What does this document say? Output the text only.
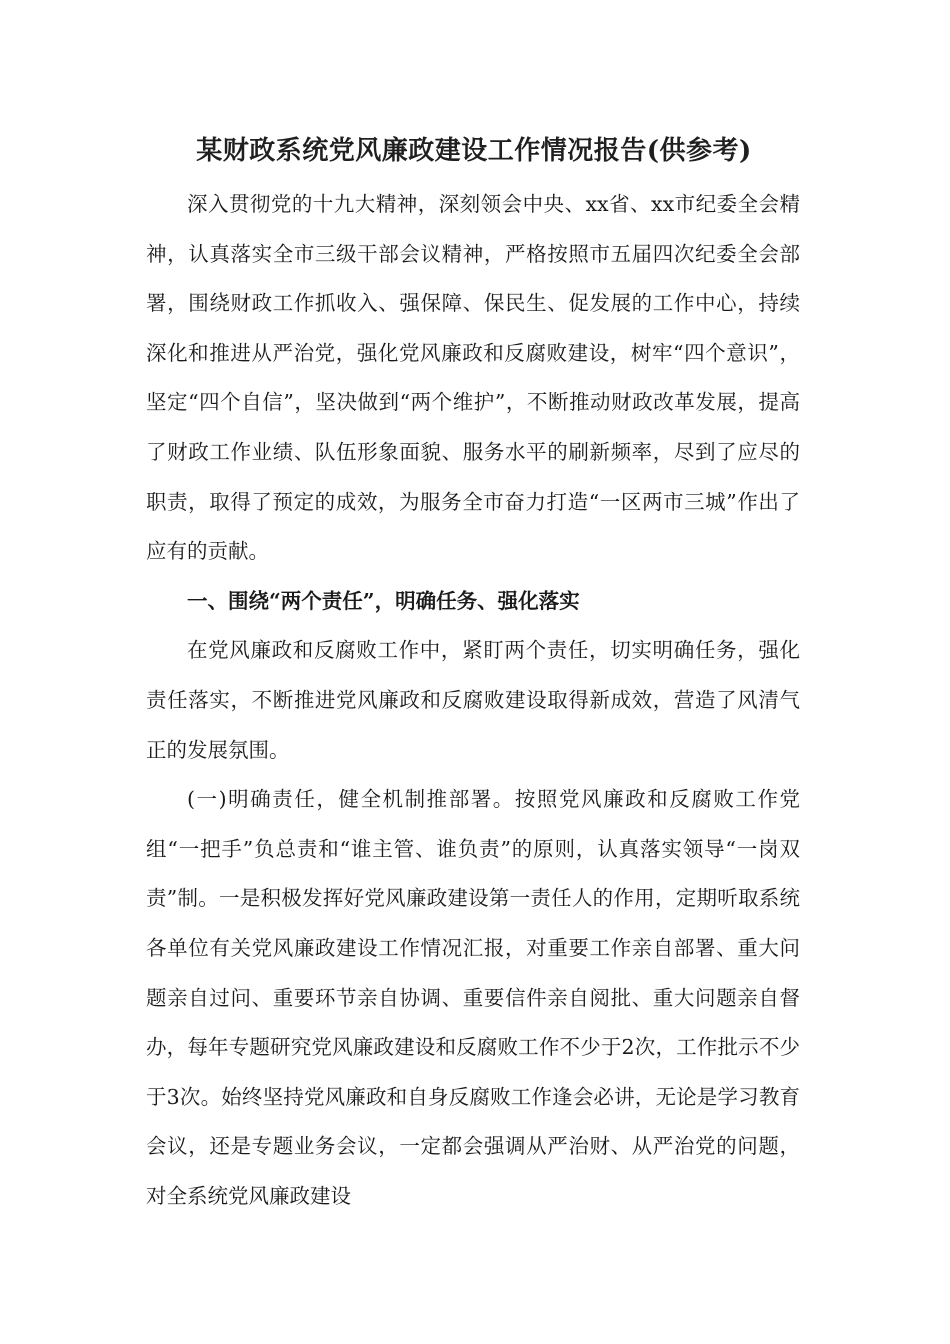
某财政系统党风廉政建设工作情况报告(供参考)

深入贯彻党的十九大精神，深刻领会中央、xx省、xx市纪委全会精神，认真落实全市三级干部会议精神，严格按照市五届四次纪委全会部署，围绕财政工作抓收入、强保障、保民生、促发展的工作中心，持续深化和推进从严治党，强化党风廉政和反腐败建设，树牢“四个意识”，坚定“四个自信”，坚决做到“两个维护”，不断推动财政改革发展，提高了财政工作业绩、队伍形象面貌、服务水平的刷新频率，尽到了应尽的职责，取得了预定的成效，为服务全市奋力打造“一区两市三城”作出了应有的贡献。

一、围绕“两个责任”，明确任务、强化落实

在党风廉政和反腐败工作中，紧盯两个责任，切实明确任务，强化责任落实，不断推进党风廉政和反腐败建设取得新成效，营造了风清气正的发展氛围。

(一)明确责任，健全机制推部署。按照党风廉政和反腐败工作党组“一把手”负总责和“谁主管、谁负责”的原则，认真落实领导“一岗双责”制。一是积极发挥好党风廉政建设第一责任人的作用，定期听取系统各单位有关党风廉政建设工作情况汇报，对重要工作亲自部署、重大问题亲自过问、重要环节亲自协调、重要信件亲自阅批、重大问题亲自督办，每年专题研究党风廉政建设和反腐败工作不少于2次，工作批示不少于3次。始终坚持党风廉政和自身反腐败工作逢会必讲，无论是学习教育会议，还是专题业务会议，一定都会强调从严治财、从严治党的问题，对全系统党风廉政建设
